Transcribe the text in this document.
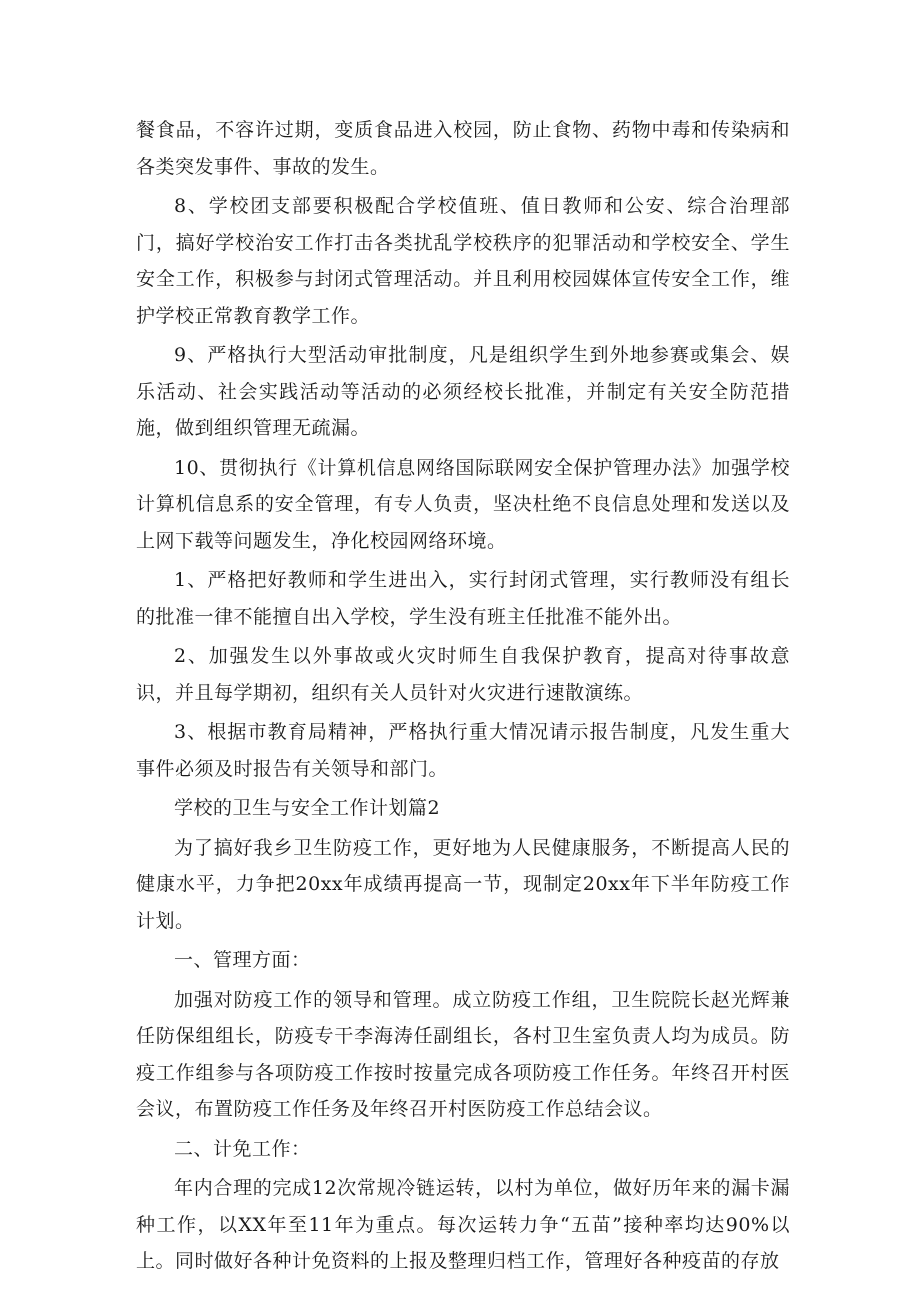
餐食品，不容许过期，变质食品进入校园，防止食物、药物中毒和传染病和各类突发事件、事故的发生。

8、学校团支部要积极配合学校值班、值日教师和公安、综合治理部门，搞好学校治安工作打击各类扰乱学校秩序的犯罪活动和学校安全、学生安全工作，积极参与封闭式管理活动。并且利用校园媒体宣传安全工作，维护学校正常教育教学工作。

9、严格执行大型活动审批制度，凡是组织学生到外地参赛或集会、娱乐活动、社会实践活动等活动的必须经校长批准，并制定有关安全防范措施，做到组织管理无疏漏。

10、贯彻执行《计算机信息网络国际联网安全保护管理办法》加强学校计算机信息系的安全管理，有专人负责，坚决杜绝不良信息处理和发送以及上网下载等问题发生，净化校园网络环境。

1、严格把好教师和学生进出入，实行封闭式管理，实行教师没有组长的批准一律不能擅自出入学校，学生没有班主任批准不能外出。

2、加强发生以外事故或火灾时师生自我保护教育，提高对待事故意识，并且每学期初，组织有关人员针对火灾进行速散演练。

3、根据市教育局精神，严格执行重大情况请示报告制度，凡发生重大事件必须及时报告有关领导和部门。

学校的卫生与安全工作计划篇2

为了搞好我乡卫生防疫工作，更好地为人民健康服务，不断提高人民的健康水平，力争把20xx年成绩再提高一节，现制定20xx年下半年防疫工作计划。

一、管理方面：

加强对防疫工作的领导和管理。成立防疫工作组，卫生院院长赵光辉兼任防保组组长，防疫专干李海涛任副组长，各村卫生室负责人均为成员。防疫工作组参与各项防疫工作按时按量完成各项防疫工作任务。年终召开村医会议，布置防疫工作任务及年终召开村医防疫工作总结会议。

二、计免工作：

年内合理的完成12次常规冷链运转，以村为单位，做好历年来的漏卡漏种工作，以XX年至11年为重点。每次运转力争“五苗”接种率均达90%以上。同时做好各种计免资料的上报及整理归档工作，管理好各种疫苗的存放
